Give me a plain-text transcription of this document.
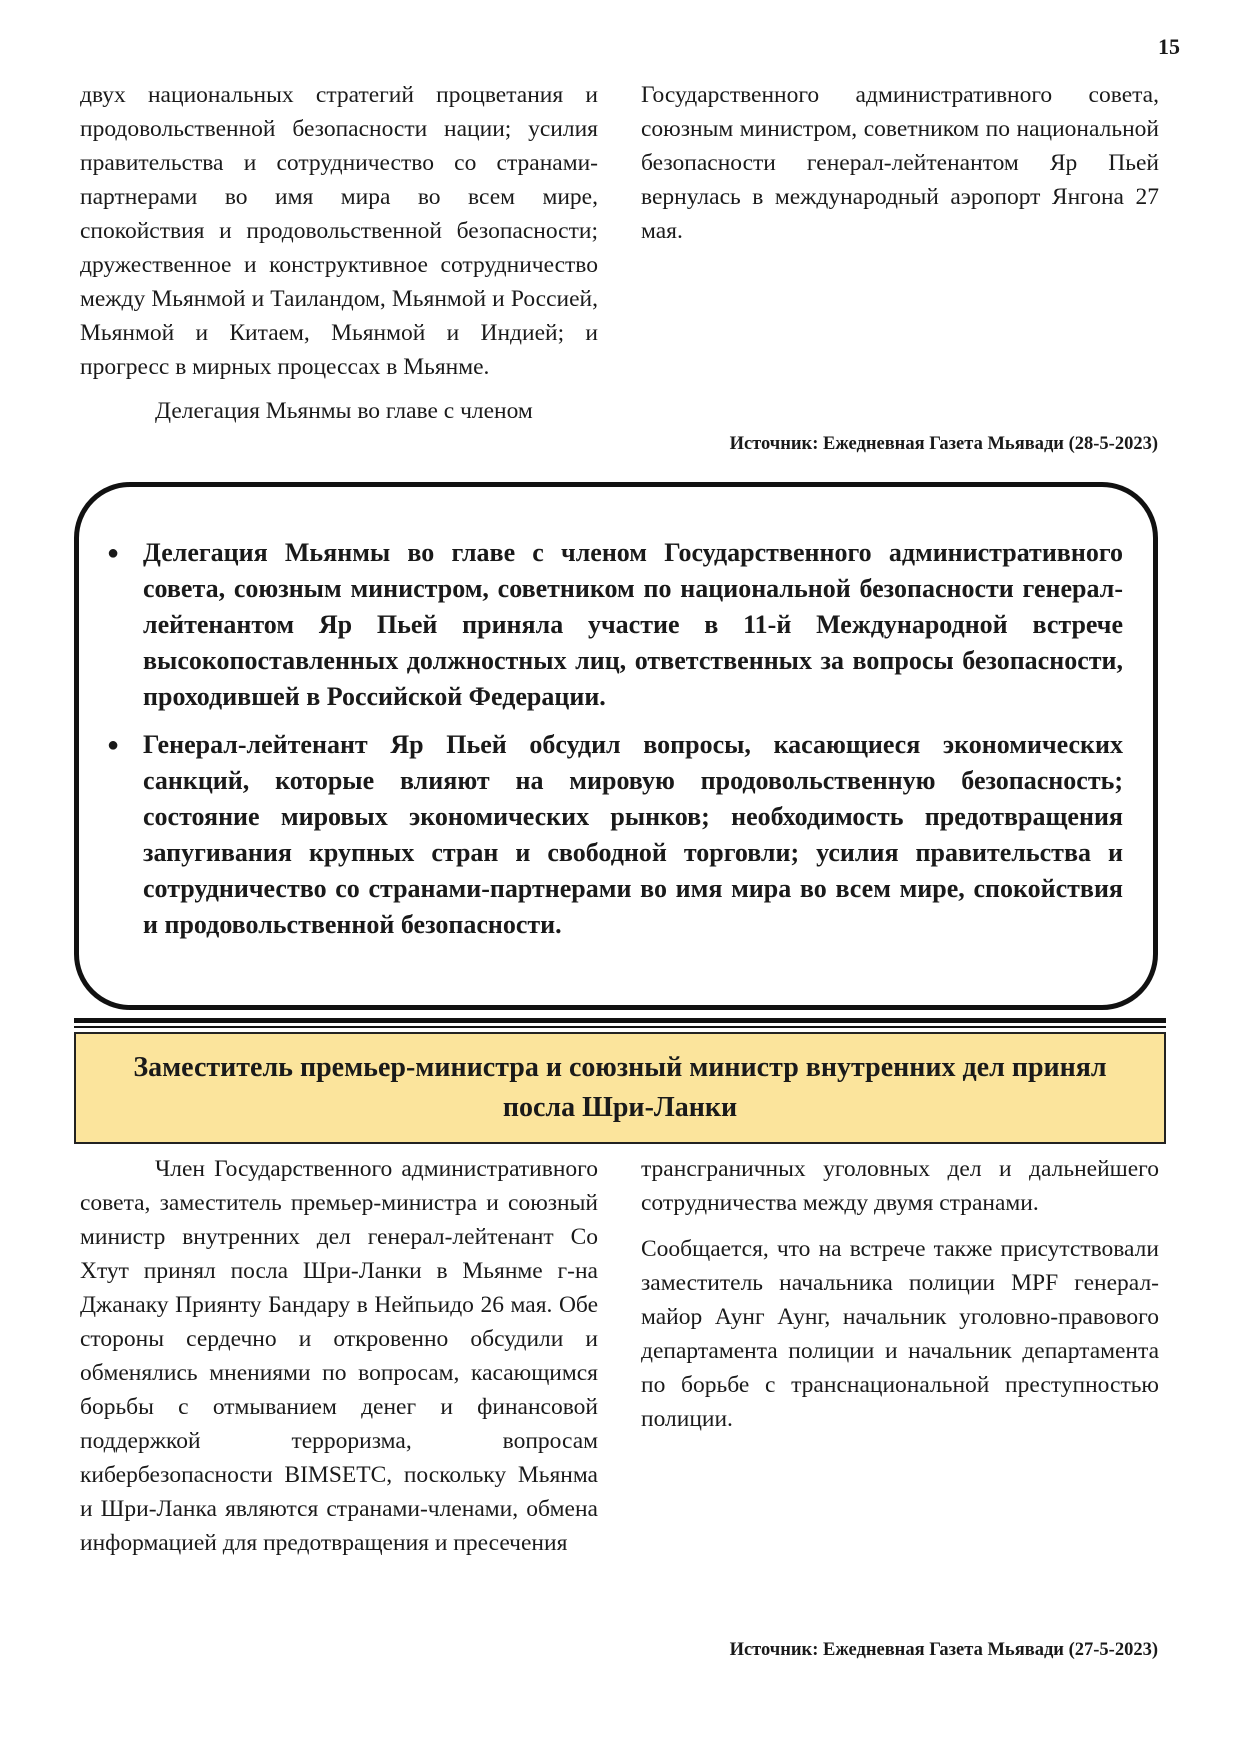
15

двух национальных стратегий процветания и продовольственной безопасности нации; усилия правительства и сотрудничество со странами-партнерами во имя мира во всем мире, спокойствия и продовольственной безопасности; дружественное и конструктивное сотрудничество между Мьянмой и Таиландом, Мьянмой и Россией, Мьянмой и Китаем, Мьянмой и Индией; и прогресс в мирных процессах в Мьянме.

Делегация Мьянмы во главе с членом

Государственного административного совета, союзным министром, советником по национальной безопасности генерал-лейтенантом Яр Пьей вернулась в международный аэропорт Янгона 27 мая.

Источник: Ежедневная Газета Мьявади (28-5-2023)
● Делегация Мьянмы во главе с членом Государственного административного совета, союзным министром, советником по национальной безопасности генерал-лейтенантом Яр Пьей приняла участие в 11-й Международной встрече высокопоставленных должностных лиц, ответственных за вопросы безопасности, проходившей в Российской Федерации.
● Генерал-лейтенант Яр Пьей обсудил вопросы, касающиеся экономических санкций, которые влияют на мировую продовольственную безопасность; состояние мировых экономических рынков; необходимость предотвращения запугивания крупных стран и свободной торговли; усилия правительства и сотрудничество со странами-партнерами во имя мира во всем мире, спокойствия и продовольственной безопасности.
Заместитель премьер-министра и союзный министр внутренних дел принял посла Шри-Ланки

Член Государственного административного совета, заместитель премьер-министра и союзный министр внутренних дел генерал-лейтенант Со Хтут принял посла Шри-Ланки в Мьянме г-на Джанаку Приянту Бандару в Нейпьидо 26 мая. Обе стороны сердечно и откровенно обсудили и обменялись мнениями по вопросам, касающимся борьбы с отмыванием денег и финансовой поддержкой терроризма, вопросам кибербезопасности BIMSETC, поскольку Мьянма и Шри-Ланка являются странами-членами, обмена информацией для предотвращения и пресечения

трансграничных уголовных дел и дальнейшего сотрудничества между двумя странами.

Сообщается, что на встрече также присутствовали заместитель начальника полиции MPF генерал-майор Аунг Аунг, начальник уголовно-правового департамента полиции и начальник департамента по борьбе с транснациональной преступностью полиции.

Источник: Ежедневная Газета Мьявади (27-5-2023)
